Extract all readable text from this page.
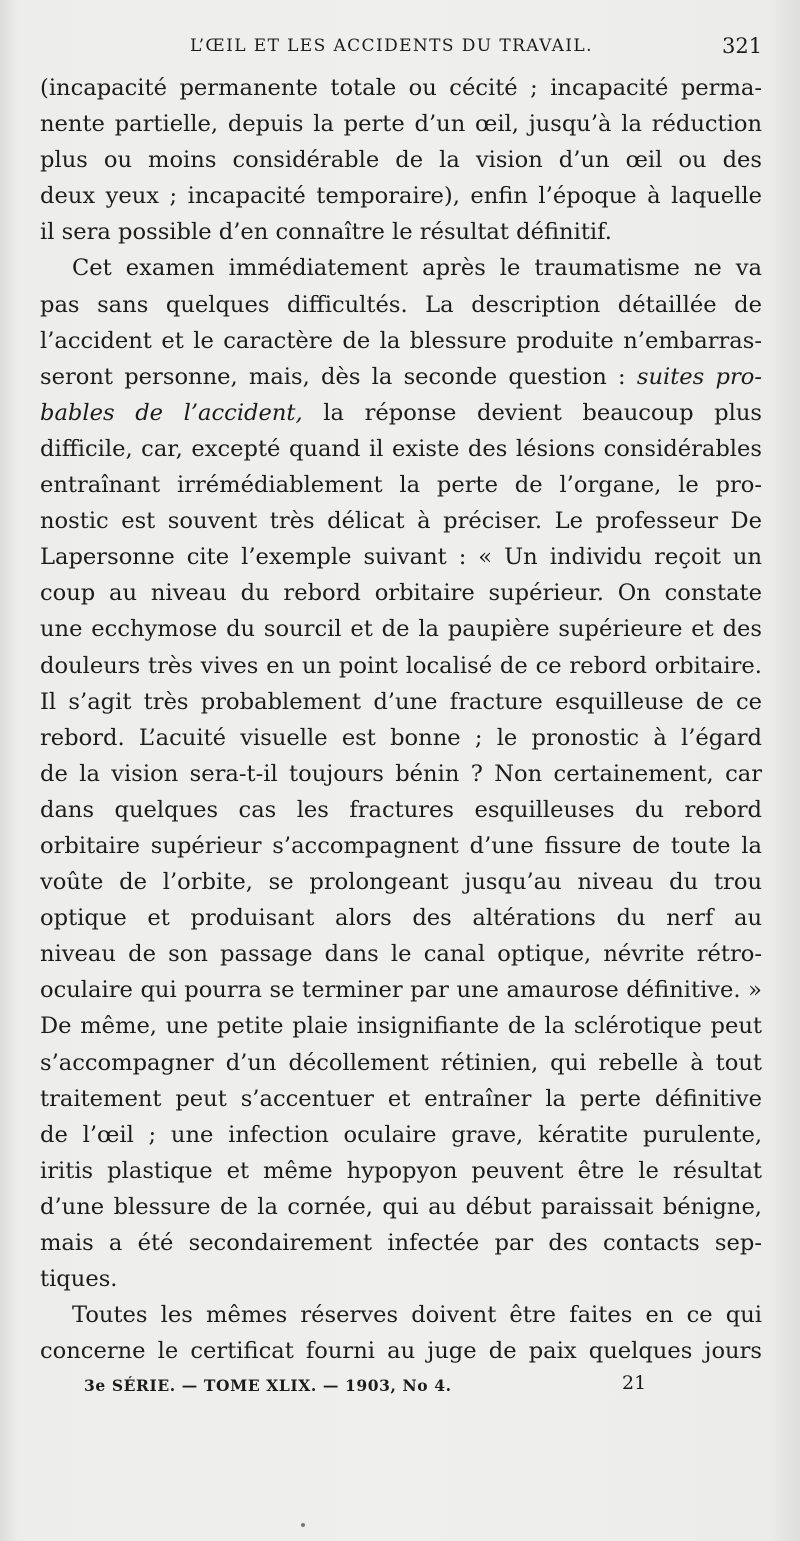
L’ŒIL ET LES ACCIDENTS DU TRAVAIL.	321
(incapacité permanente totale ou cécité ; incapacité perma-
nente partielle, depuis la perte d’un œil, jusqu’à la réduction
plus ou moins considérable de la vision d’un œil ou des
deux yeux ; incapacité temporaire), enfin l’époque à laquelle
il sera possible d’en connaître le résultat définitif.
Cet examen immédiatement après le traumatisme ne va
pas sans quelques difficultés. La description détaillée de
l’accident et le caractère de la blessure produite n’embarras-
seront personne, mais, dès la seconde question : suites pro-
bables de l’accident, la réponse devient beaucoup plus
difficile, car, excepté quand il existe des lésions considérables
entraînant irrémédiablement la perte de l’organe, le pro-
nostic est souvent très délicat à préciser. Le professeur De
Lapersonne cite l’exemple suivant : « Un individu reçoit un
coup au niveau du rebord orbitaire supérieur. On constate
une ecchymose du sourcil et de la paupière supérieure et des
douleurs très vives en un point localisé de ce rebord orbitaire.
Il s’agit très probablement d’une fracture esquilleuse de ce
rebord. L’acuité visuelle est bonne ; le pronostic à l’égard
de la vision sera-t-il toujours bénin ? Non certainement, car
dans quelques cas les fractures esquilleuses du rebord
orbitaire supérieur s’accompagnent d’une fissure de toute la
voûte de l’orbite, se prolongeant jusqu’au niveau du trou
optique et produisant alors des altérations du nerf au
niveau de son passage dans le canal optique, névrite rétro-
oculaire qui pourra se terminer par une amaurose définitive. »
De même, une petite plaie insignifiante de la sclérotique peut
s’accompagner d’un décollement rétinien, qui rebelle à tout
traitement peut s’accentuer et entraîner la perte définitive
de l’œil ; une infection oculaire grave, kératite purulente,
iritis plastique et même hypopyon peuvent être le résultat
d’une blessure de la cornée, qui au début paraissait bénigne,
mais a été secondairement infectée par des contacts sep-
tiques.
Toutes les mêmes réserves doivent être faites en ce qui
concerne le certificat fourni au juge de paix quelques jours
3e SÉRIE. — TOME XLIX. — 1903, No 4.	21
